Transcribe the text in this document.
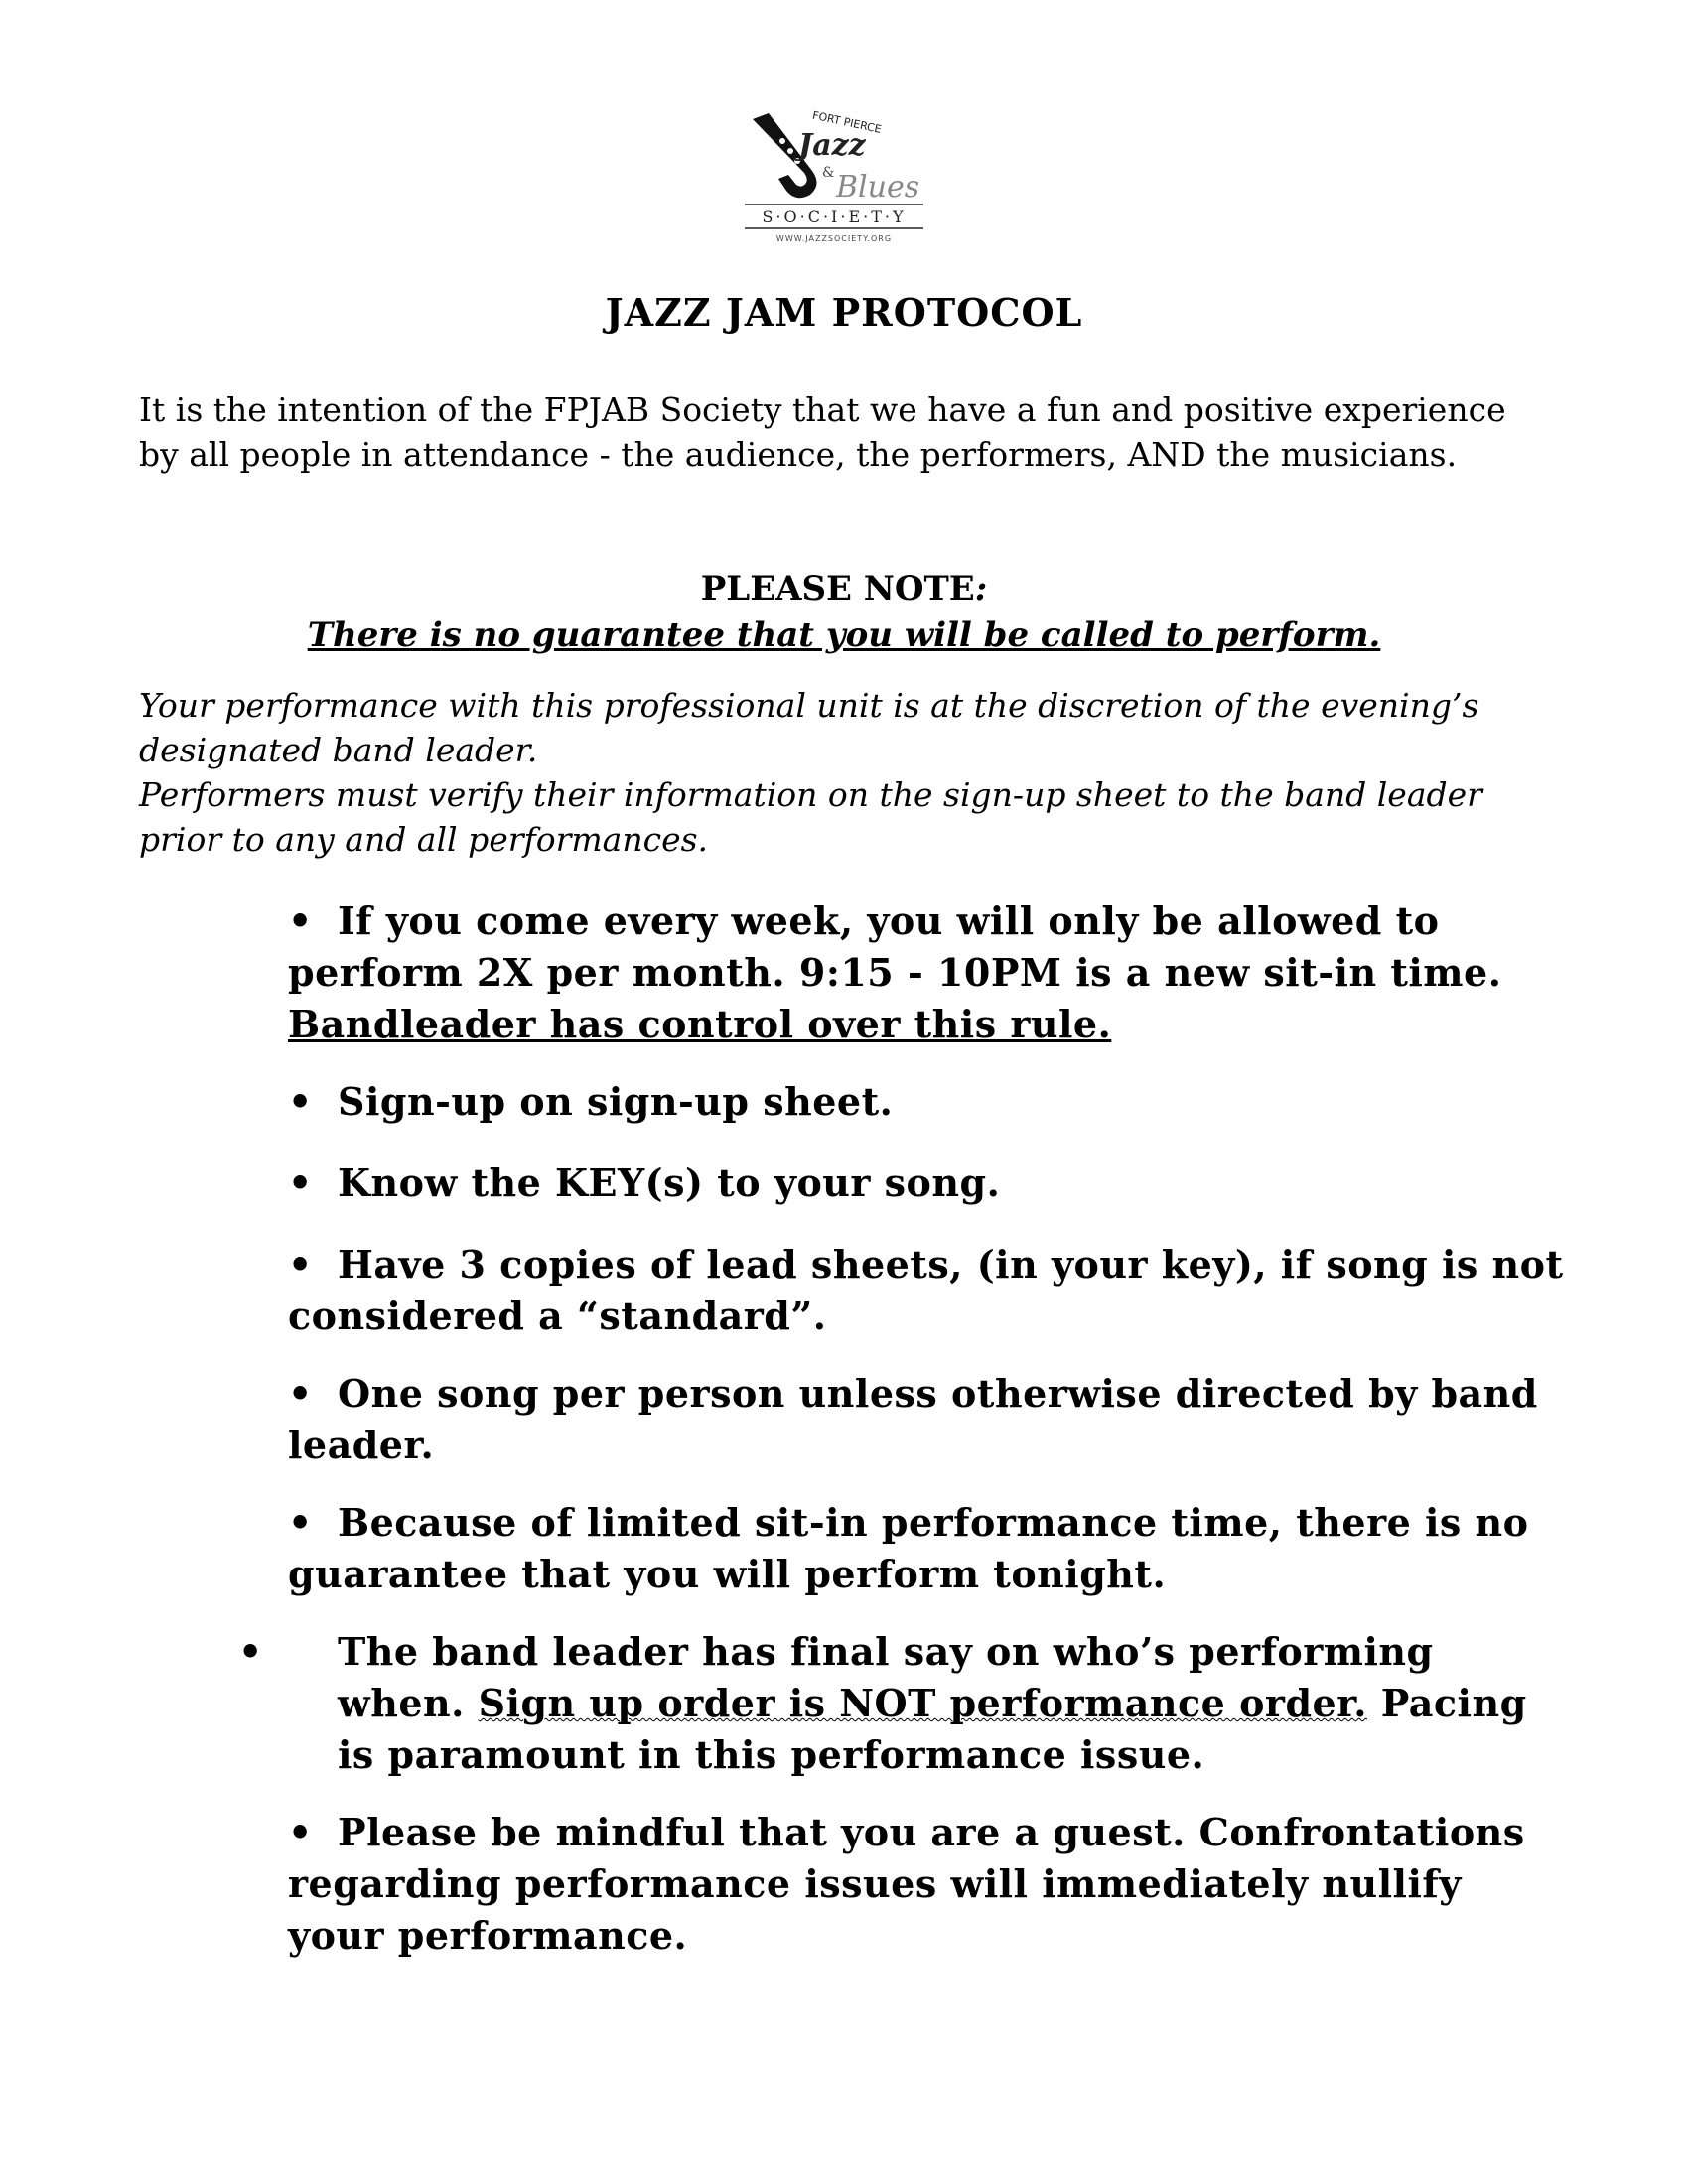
FORT PIERCE
Jazz
& Blues
S·O·C·I·E·T·Y
WWW.JAZZSOCIETY.ORG
JAZZ JAM PROTOCOL

It is the intention of the FPJAB Society that we have a fun and positive experience by all people in attendance - the audience, the performers, AND the musicians.

PLEASE NOTE:

There is no guarantee that you will be called to perform.

Your performance with this professional unit is at the discretion of the evening’s designated band leader.

Performers must verify their information on the sign-up sheet to the band leader prior to any and all performances.

• If you come every week, you will only be allowed to perform 2X per month. 9:15 - 10PM is a new sit-in time. Bandleader has control over this rule.
• Sign-up on sign-up sheet.
• Know the KEY(s) to your song.
• Have 3 copies of lead sheets, (in your key), if song is not considered a “standard”.
• One song per person unless otherwise directed by band leader.
• Because of limited sit-in performance time, there is no guarantee that you will perform tonight.
• The band leader has final say on who’s performing when. Sign up order is NOT performance order. Pacing is paramount in this performance issue.
• Please be mindful that you are a guest. Confrontations regarding performance issues will immediately nullify your performance.
